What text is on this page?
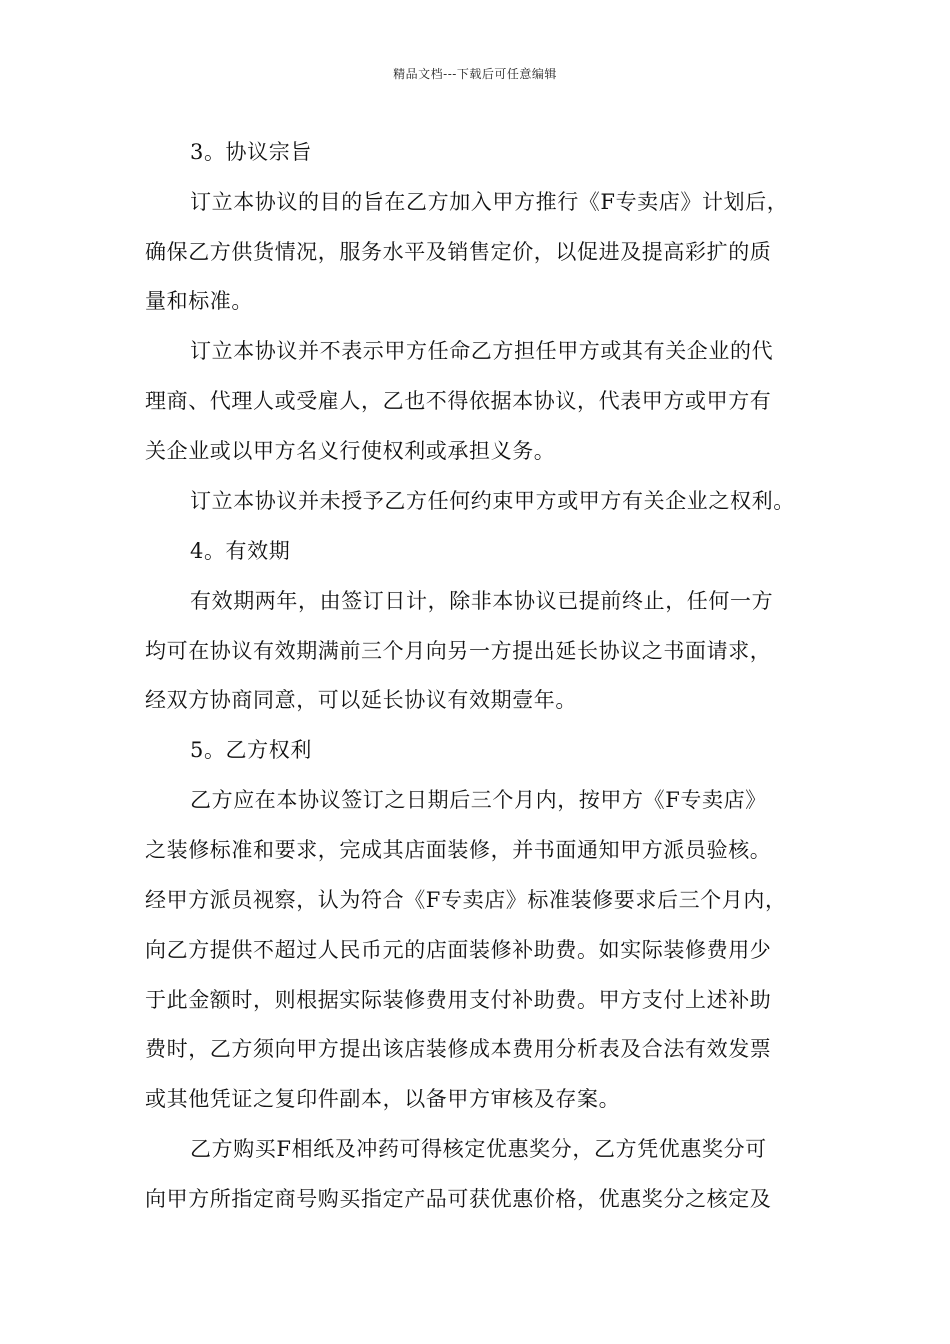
精品文档---下载后可任意编辑
3。协议宗旨
订立本协议的目的旨在乙方加入甲方推行《F专卖店》计划后，
确保乙方供货情况，服务水平及销售定价，以促进及提高彩扩的质
量和标准。
订立本协议并不表示甲方任命乙方担任甲方或其有关企业的代
理商、代理人或受雇人，乙也不得依据本协议，代表甲方或甲方有
关企业或以甲方名义行使权利或承担义务。
订立本协议并未授予乙方任何约束甲方或甲方有关企业之权利。
4。有效期
有效期两年，由签订日计，除非本协议已提前终止，任何一方
均可在协议有效期满前三个月向另一方提出延长协议之书面请求，
经双方协商同意，可以延长协议有效期壹年。
5。乙方权利
乙方应在本协议签订之日期后三个月内，按甲方《F专卖店》
之装修标准和要求，完成其店面装修，并书面通知甲方派员验核。
经甲方派员视察，认为符合《F专卖店》标准装修要求后三个月内，
向乙方提供不超过人民币元的店面装修补助费。如实际装修费用少
于此金额时，则根据实际装修费用支付补助费。甲方支付上述补助
费时，乙方须向甲方提出该店装修成本费用分析表及合法有效发票
或其他凭证之复印件副本，以备甲方审核及存案。
乙方购买F相纸及冲药可得核定优惠奖分，乙方凭优惠奖分可
向甲方所指定商号购买指定产品可获优惠价格，优惠奖分之核定及
